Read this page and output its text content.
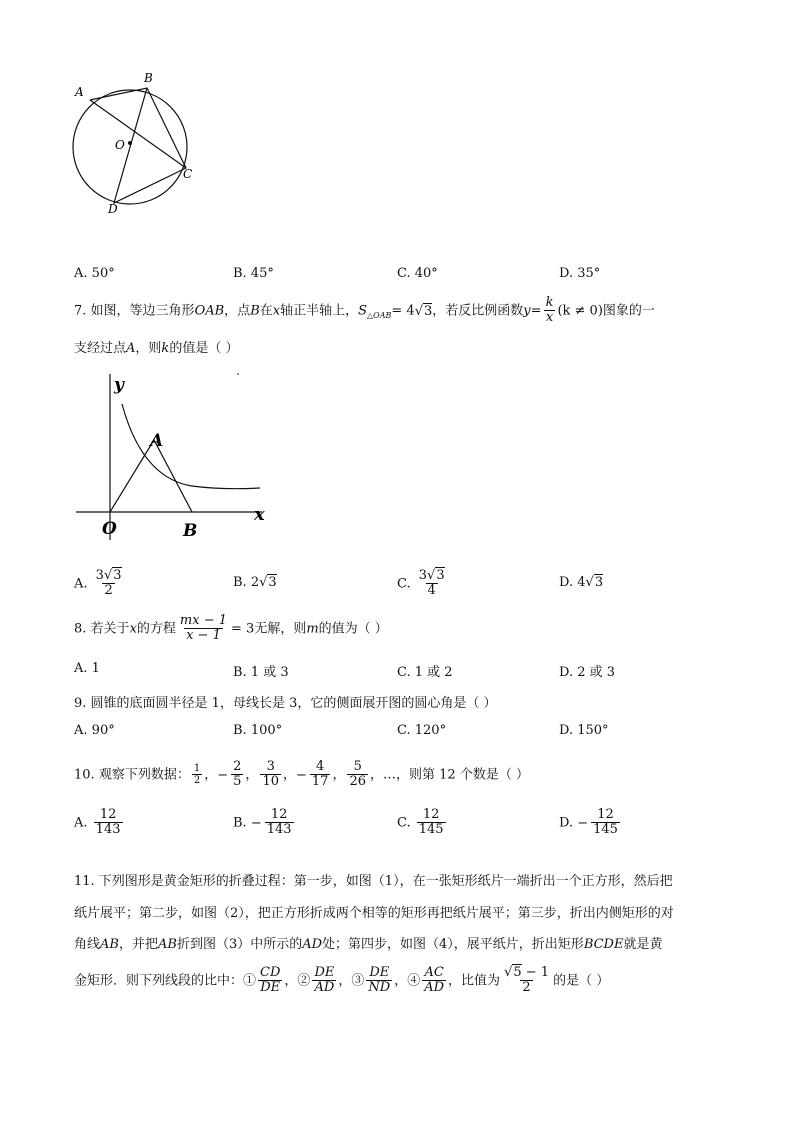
A
B
O
C
D
A. 50°	B. 45°	C. 40°	D. 35°
7. 如图，等边三角形OAB，点B在x轴正半轴上，$S_{\triangle OAB}= 4√3$，若反比例函数$y= \frac{k}{x} (k \ne 0)$图象的一
支经过点A，则k的值是（ ）
y
A
O	B
x
A. $\frac{3√3}{2}$	B. 2√3	C. $\frac{3√3}{4}$	D. 4√3
8. 若关于x的方程 $\frac{mx - 1}{x - 1} = 3$无解，则m的值为（ ）
A. 1	B. 1 或 3	C. 1 或 2	D. 2 或 3
9. 圆锥的底面圆半径是 1，母线长是 3，它的侧面展开图的圆心角是（ ）
A. 90°	B. 100°	C. 120°	D. 150°
10. 观察下列数据： $\frac{1}{2}$ ，− $\frac{2}{5}$ ， $\frac{3}{10}$ ，− $\frac{4}{17}$ ， $\frac{5}{26}$ ，…，则第 12 个数是（ ）
A. $\frac{12}{143}$	B. − $\frac{12}{143}$	C. $\frac{12}{145}$	D. − $\frac{12}{145}$
11. 下列图形是黄金矩形的折叠过程：第一步，如图（1），在一张矩形纸片一端折出一个正方形，然后把
纸片展平；第二步，如图（2），把正方形折成两个相等的矩形再把纸片展平；第三步，折出内侧矩形的对
角线AB，并把AB折到图（3）中所示的AD处；第四步，如图（4），展平纸片，折出矩形BCDE就是黄
金矩形．则下列线段的比中：① $\frac{CD}{DE}$ ，② $\frac{DE}{AD}$ ，③ $\frac{DE}{ND}$ ，④ $\frac{AC}{AD}$ ，比值为 $\frac{√5 - 1}{2}$ 的是（ ）
